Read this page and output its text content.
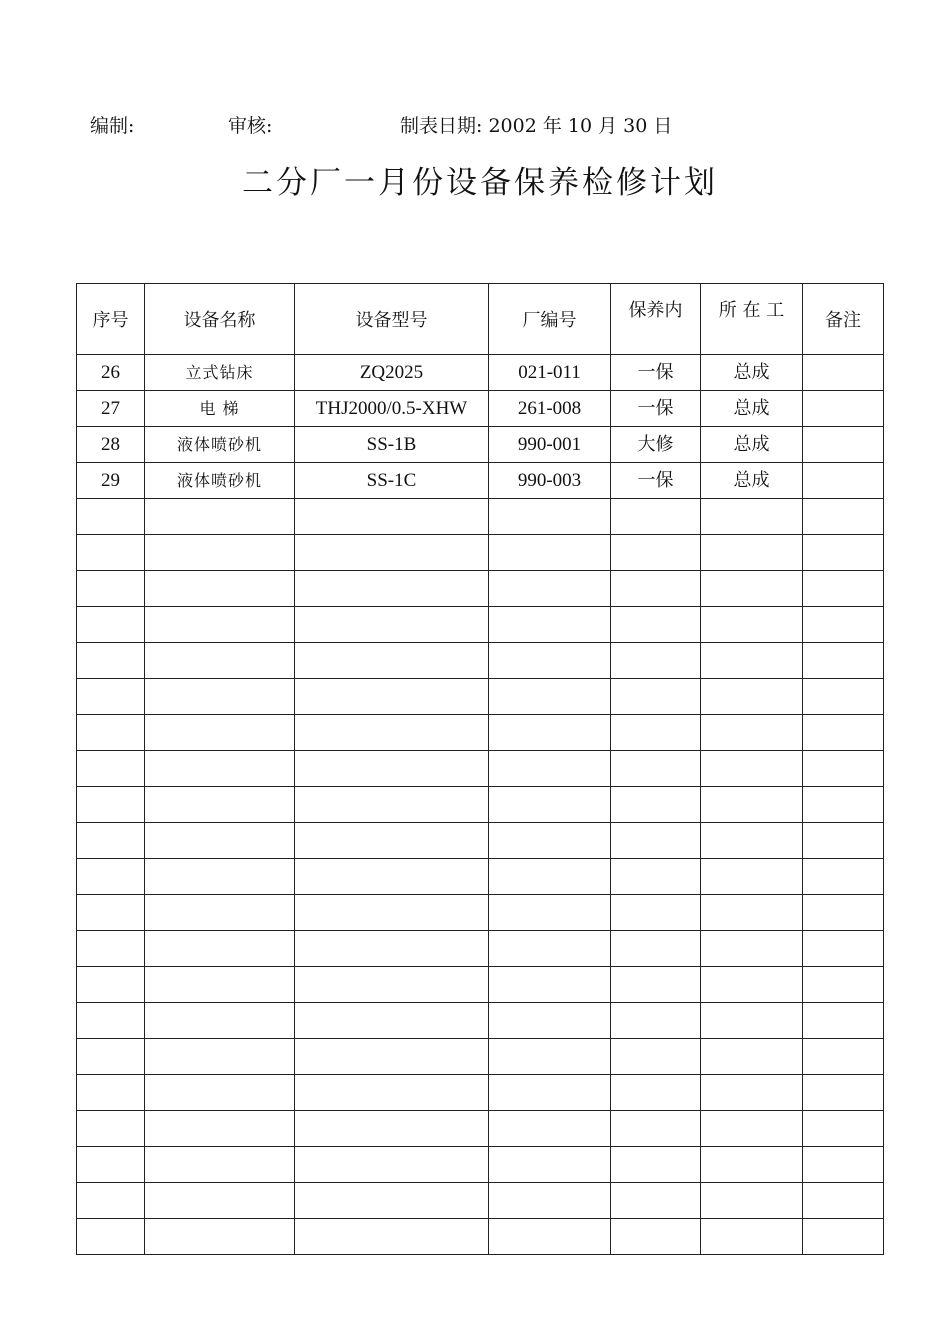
编制:	审核:	制表日期: 2002 年 10 月 30 日
二分厂一月份设备保养检修计划
序号	设备名称	设备型号	厂编号	保养内	所 在 工	备注
26	立式钻床	ZQ2025	021-011	一保	总成	
27	电 梯	THJ2000/0.5-XHW	261-008	一保	总成	
28	液体喷砂机	SS-1B	990-001	大修	总成	
29	液体喷砂机	SS-1C	990-003	一保	总成	
